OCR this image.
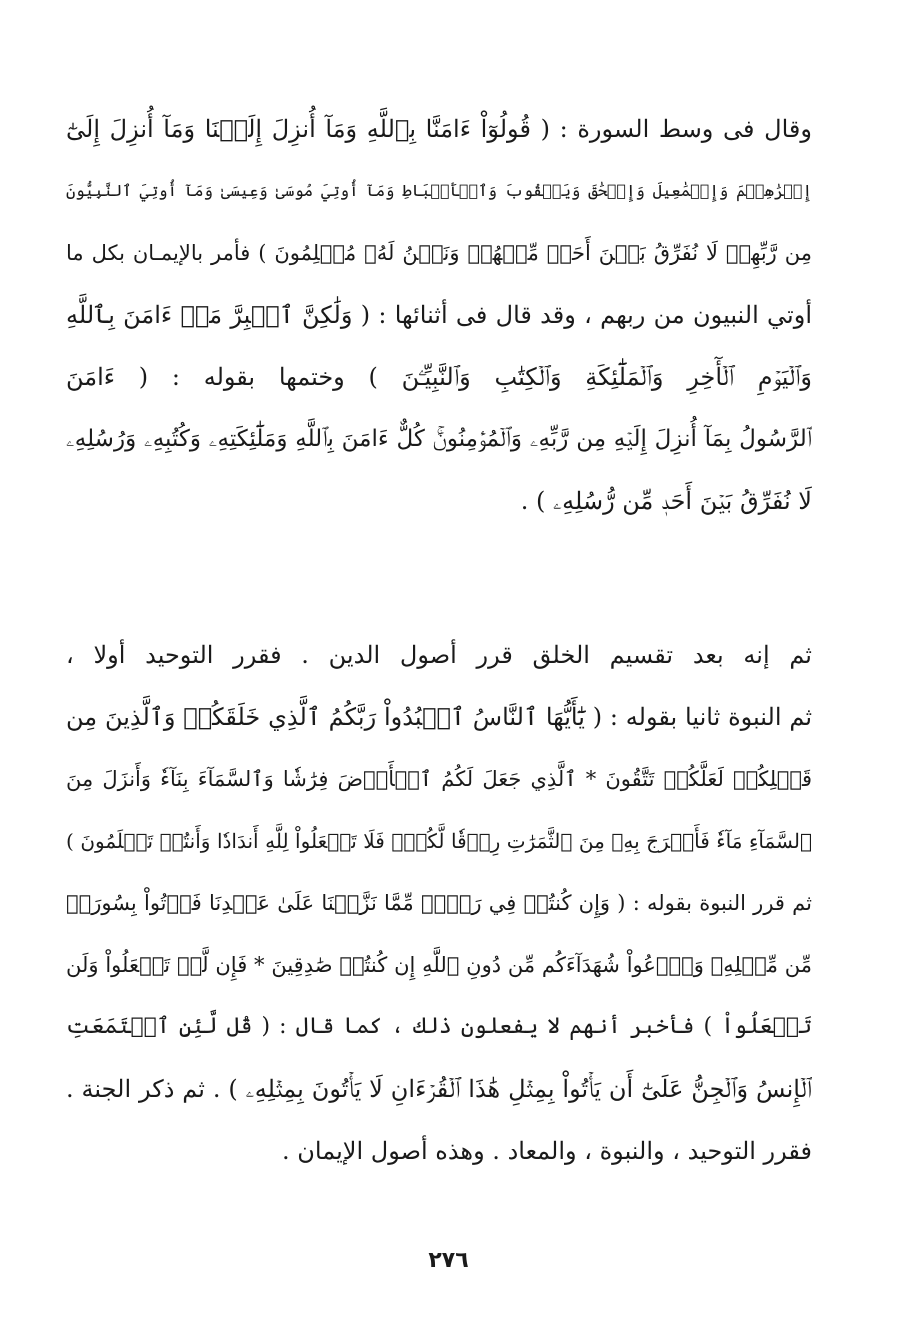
وقال فى وسط السورة : ( قُولُوٓاْ ءَامَنَّا بِٱللَّهِ وَمَآ أُنزِلَ إِلَيۡنَا وَمَآ أُنزِلَ إِلَىٰٓ
إِبۡرَٰهِـۧمَ وَإِسۡمَٰعِيلَ وَإِسۡحَٰقَ وَيَعۡقُوبَ وَٱلۡأَسۡبَاطِ وَمَآ أُوتِيَ مُوسَىٰ وَعِيسَىٰ وَمَآ أُوتِيَ ٱلنَّبِيُّونَ
مِن رَّبِّهِمۡ لَا نُفَرِّقُ بَيۡنَ أَحَدٖ مِّنۡهُمۡ وَنَحۡنُ لَهُۥ مُسۡلِمُونَ ) فأمر بالإيمـان بكل ما
أوتي النبيون من ربهم ، وقد قال فى أثنائها : ( وَلَٰكِنَّ ٱلۡبِرَّ مَنۡ ءَامَنَ بِٱللَّهِ
وَٱلۡيَوۡمِ ٱلۡأٓخِرِ وَٱلۡمَلَٰٓئِكَةِ وَٱلۡكِتَٰبِ وَٱلنَّبِيِّـۧنَ ) وختمها بقوله : ( ءَامَنَ
ٱلرَّسُولُ بِمَآ أُنزِلَ إِلَيۡهِ مِن رَّبِّهِۦ وَٱلۡمُؤۡمِنُونَۚ كُلٌّ ءَامَنَ بِٱللَّهِ وَمَلَٰٓئِكَتِهِۦ وَكُتُبِهِۦ وَرُسُلِهِۦ
لَا نُفَرِّقُ بَيۡنَ أَحَدٖ مِّن رُّسُلِهِۦ ) .
ثم إنه بعد تقسيم الخلق قرر أصول الدين . فقرر التوحيد أولا ،
ثم النبوة ثانيا بقوله : ( يَٰٓأَيُّهَا ٱلنَّاسُ ٱعۡبُدُواْ رَبَّكُمُ ٱلَّذِي خَلَقَكُمۡ وَٱلَّذِينَ مِن
قَبۡلِكُمۡ لَعَلَّكُمۡ تَتَّقُونَ * ٱلَّذِي جَعَلَ لَكُمُ ٱلۡأَرۡضَ فِرَٰشٗا وَٱلسَّمَآءَ بِنَآءٗ وَأَنزَلَ مِنَ
ٱلسَّمَآءِ مَآءٗ فَأَخۡرَجَ بِهِۦ مِنَ ٱلثَّمَرَٰتِ رِزۡقٗا لَّكُمۡۖ فَلَا تَجۡعَلُواْ لِلَّهِ أَندَادٗا وَأَنتُمۡ تَعۡلَمُونَ )
ثم قرر النبوة بقوله : ( وَإِن كُنتُمۡ فِي رَيۡبٖ مِّمَّا نَزَّلۡنَا عَلَىٰ عَبۡدِنَا فَأۡتُواْ بِسُورَةٖ
مِّن مِّثۡلِهِۦ وَٱدۡعُواْ شُهَدَآءَكُم مِّن دُونِ ٱللَّهِ إِن كُنتُمۡ صَٰدِقِينَ * فَإِن لَّمۡ تَفۡعَلُواْ وَلَن
تَفۡعَلُواْ ) فأخبر أنهم لا يفعلون ذلك ، كما قال : ( قُل لَّئِنِ ٱجۡتَمَعَتِ
ٱلۡإِنسُ وَٱلۡجِنُّ عَلَىٰٓ أَن يَأۡتُواْ بِمِثۡلِ هَٰذَا ٱلۡقُرۡءَانِ لَا يَأۡتُونَ بِمِثۡلِهِۦ ) . ثم ذكر الجنة .
فقرر التوحيد ، والنبوة ، والمعاد . وهذه أصول الإيمان .
٢٧٦
